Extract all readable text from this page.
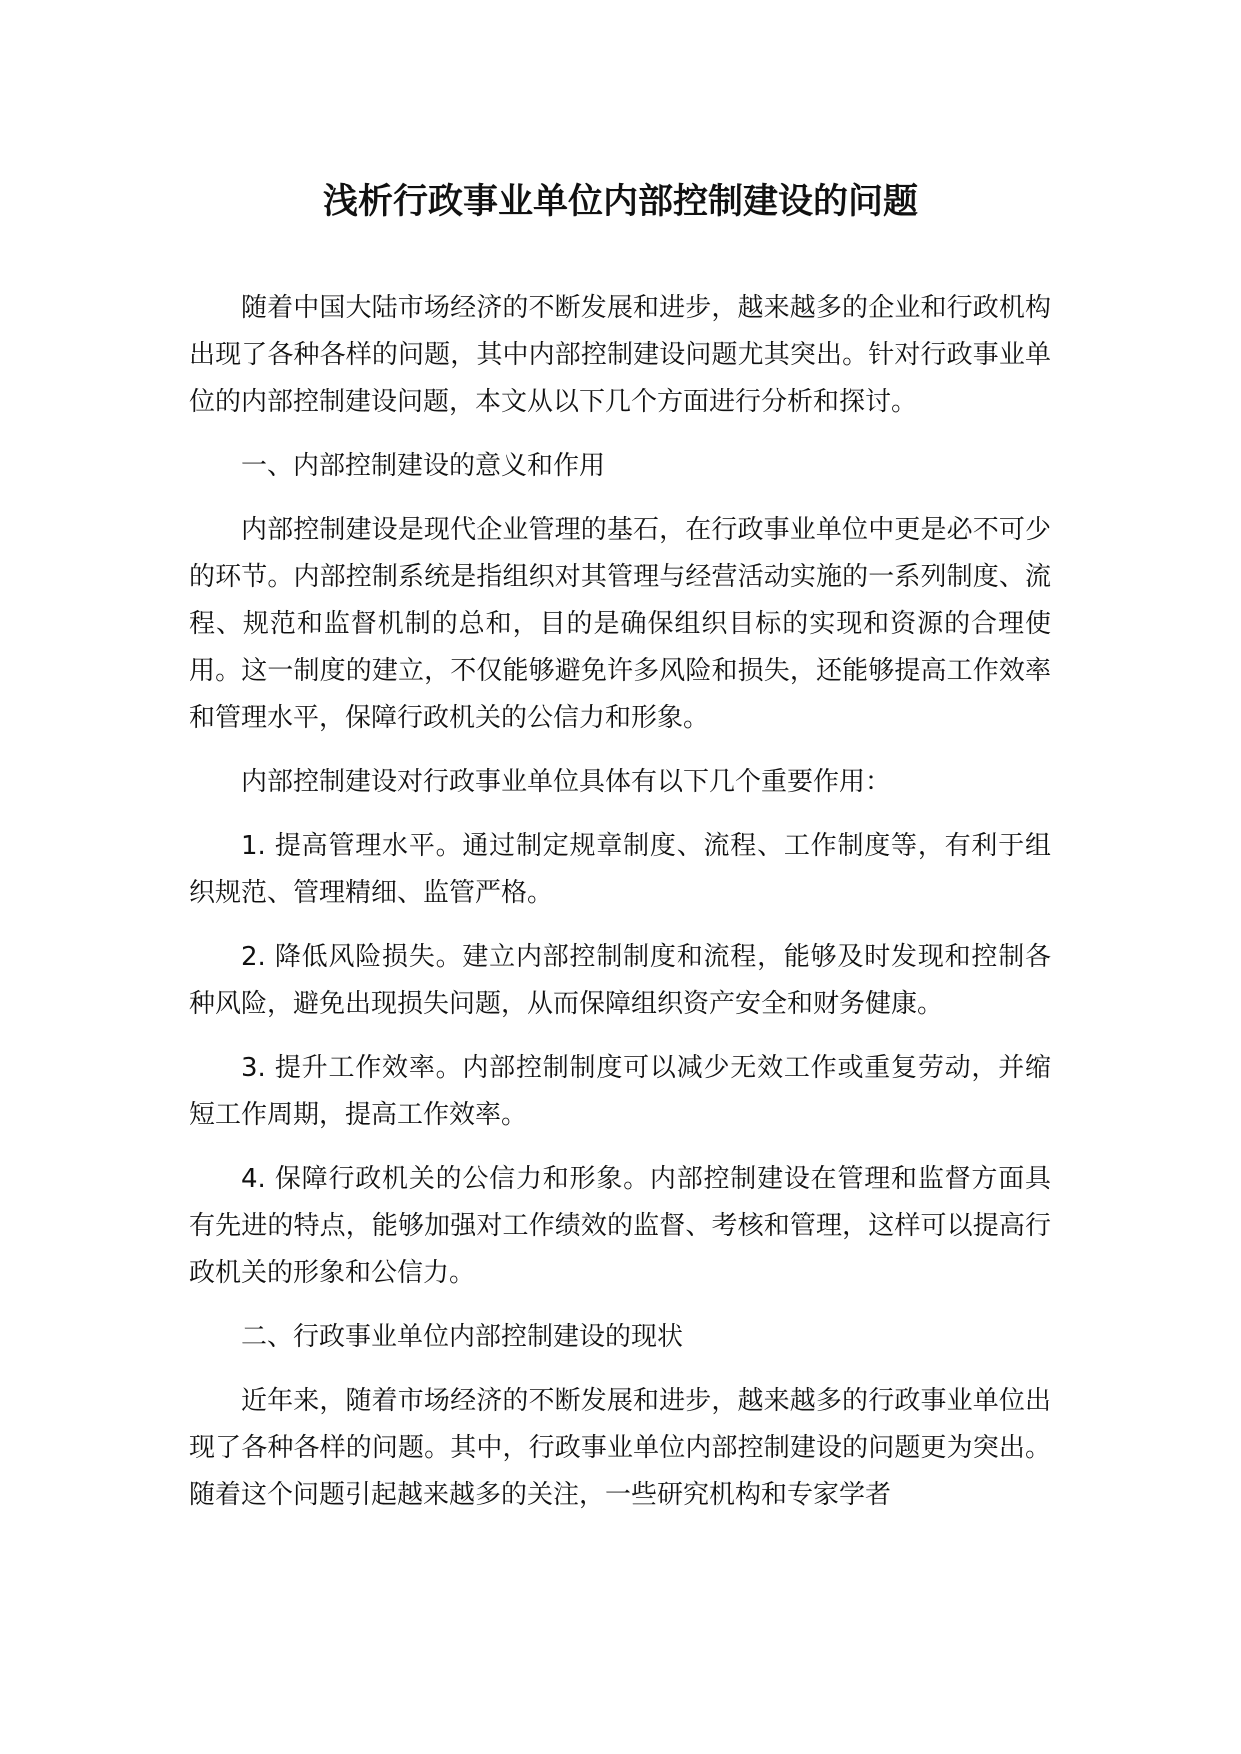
浅析行政事业单位内部控制建设的问题

随着中国大陆市场经济的不断发展和进步，越来越多的企业和行政机构出现了各种各样的问题，其中内部控制建设问题尤其突出。针对行政事业单位的内部控制建设问题，本文从以下几个方面进行分析和探讨。

一、内部控制建设的意义和作用

内部控制建设是现代企业管理的基石，在行政事业单位中更是必不可少的环节。内部控制系统是指组织对其管理与经营活动实施的一系列制度、流程、规范和监督机制的总和，目的是确保组织目标的实现和资源的合理使用。这一制度的建立，不仅能够避免许多风险和损失，还能够提高工作效率和管理水平，保障行政机关的公信力和形象。

内部控制建设对行政事业单位具体有以下几个重要作用：

1. 提高管理水平。通过制定规章制度、流程、工作制度等，有利于组织规范、管理精细、监管严格。

2. 降低风险损失。建立内部控制制度和流程，能够及时发现和控制各种风险，避免出现损失问题，从而保障组织资产安全和财务健康。

3. 提升工作效率。内部控制制度可以减少无效工作或重复劳动，并缩短工作周期，提高工作效率。

4. 保障行政机关的公信力和形象。内部控制建设在管理和监督方面具有先进的特点，能够加强对工作绩效的监督、考核和管理，这样可以提高行政机关的形象和公信力。

二、行政事业单位内部控制建设的现状

近年来，随着市场经济的不断发展和进步，越来越多的行政事业单位出现了各种各样的问题。其中，行政事业单位内部控制建设的问题更为突出。随着这个问题引起越来越多的关注，一些研究机构和专家学者
